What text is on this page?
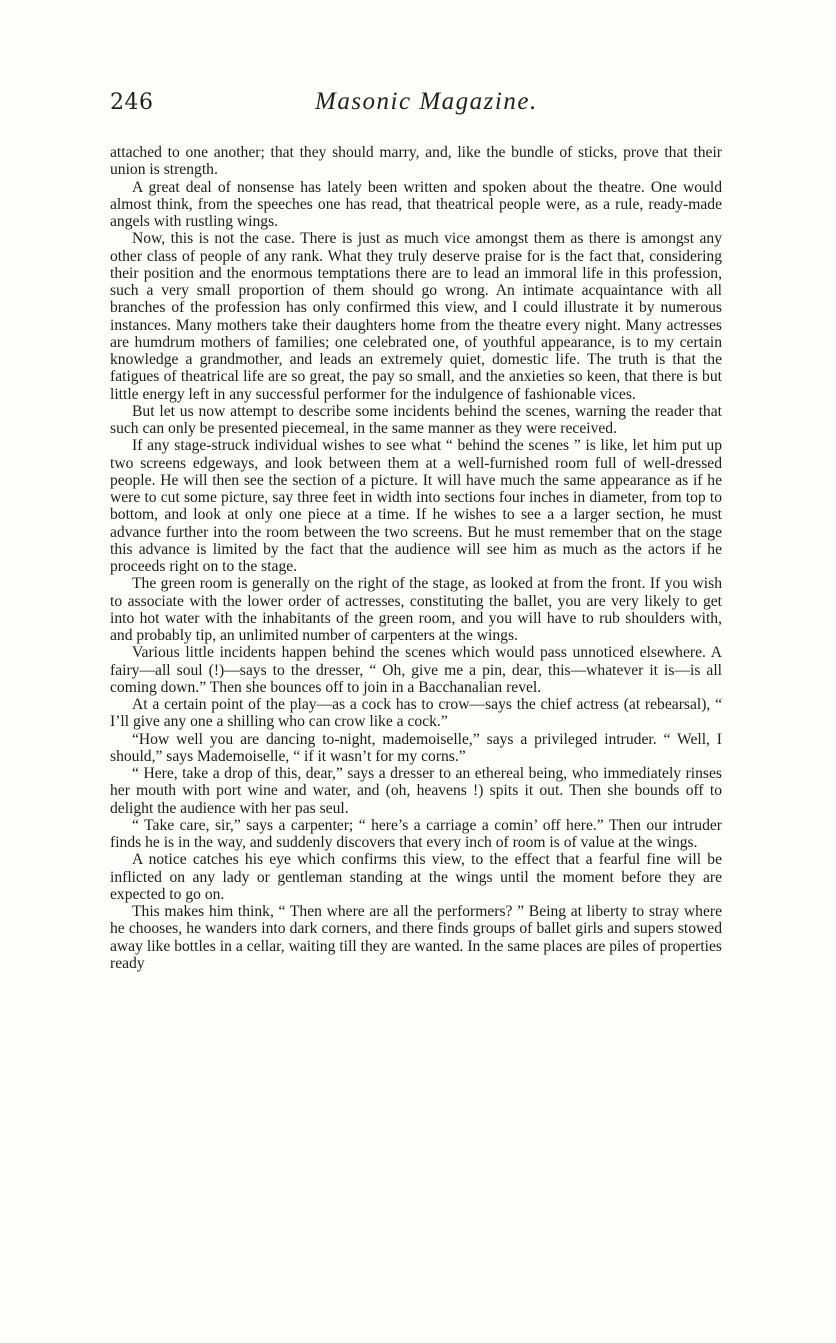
246	Masonic Magazine.

attached to one another; that they should marry, and, like the bundle of sticks, prove that their union is strength.

A great deal of nonsense has lately been written and spoken about the theatre. One would almost think, from the speeches one has read, that theatrical people were, as a rule, ready-made angels with rustling wings.

Now, this is not the case. There is just as much vice amongst them as there is amongst any other class of people of any rank. What they truly deserve praise for is the fact that, considering their position and the enormous temptations there are to lead an immoral life in this profession, such a very small proportion of them should go wrong. An intimate acquaintance with all branches of the profession has only confirmed this view, and I could illustrate it by numerous instances. Many mothers take their daughters home from the theatre every night. Many actresses are humdrum mothers of families; one celebrated one, of youthful appearance, is to my certain knowledge a grandmother, and leads an extremely quiet, domestic life. The truth is that the fatigues of theatrical life are so great, the pay so small, and the anxieties so keen, that there is but little energy left in any successful performer for the indulgence of fashionable vices.

But let us now attempt to describe some incidents behind the scenes, warning the reader that such can only be presented piecemeal, in the same manner as they were received.

If any stage-struck individual wishes to see what “ behind the scenes ” is like, let him put up two screens edgeways, and look between them at a well-furnished room full of well-dressed people. He will then see the section of a picture. It will have much the same appearance as if he were to cut some picture, say three feet in width into sections four inches in diameter, from top to bottom, and look at only one piece at a time. If he wishes to see a a larger section, he must advance further into the room between the two screens. But he must remember that on the stage this advance is limited by the fact that the audience will see him as much as the actors if he proceeds right on to the stage.

The green room is generally on the right of the stage, as looked at from the front. If you wish to associate with the lower order of actresses, constituting the ballet, you are very likely to get into hot water with the inhabitants of the green room, and you will have to rub shoulders with, and probably tip, an unlimited number of carpenters at the wings.

Various little incidents happen behind the scenes which would pass unnoticed elsewhere. A fairy—all soul (!)—says to the dresser, “ Oh, give me a pin, dear, this—whatever it is—is all coming down.” Then she bounces off to join in a Bacchanalian revel.

At a certain point of the play—as a cock has to crow—says the chief actress (at rebearsal), “ I’ll give any one a shilling who can crow like a cock.”

“How well you are dancing to-night, mademoiselle,” says a privileged intruder. “ Well, I should,” says Mademoiselle, “ if it wasn’t for my corns.”

“ Here, take a drop of this, dear,” says a dresser to an ethereal being, who immediately rinses her mouth with port wine and water, and (oh, heavens !) spits it out. Then she bounds off to delight the audience with her pas seul.

“ Take care, sir,” says a carpenter; “ here’s a carriage a comin’ off here.” Then our intruder finds he is in the way, and suddenly discovers that every inch of room is of value at the wings.

A notice catches his eye which confirms this view, to the effect that a fearful fine will be inflicted on any lady or gentleman standing at the wings until the moment before they are expected to go on.

This makes him think, “ Then where are all the performers? ” Being at liberty to stray where he chooses, he wanders into dark corners, and there finds groups of ballet girls and supers stowed away like bottles in a cellar, waiting till they are wanted. In the same places are piles of properties ready
